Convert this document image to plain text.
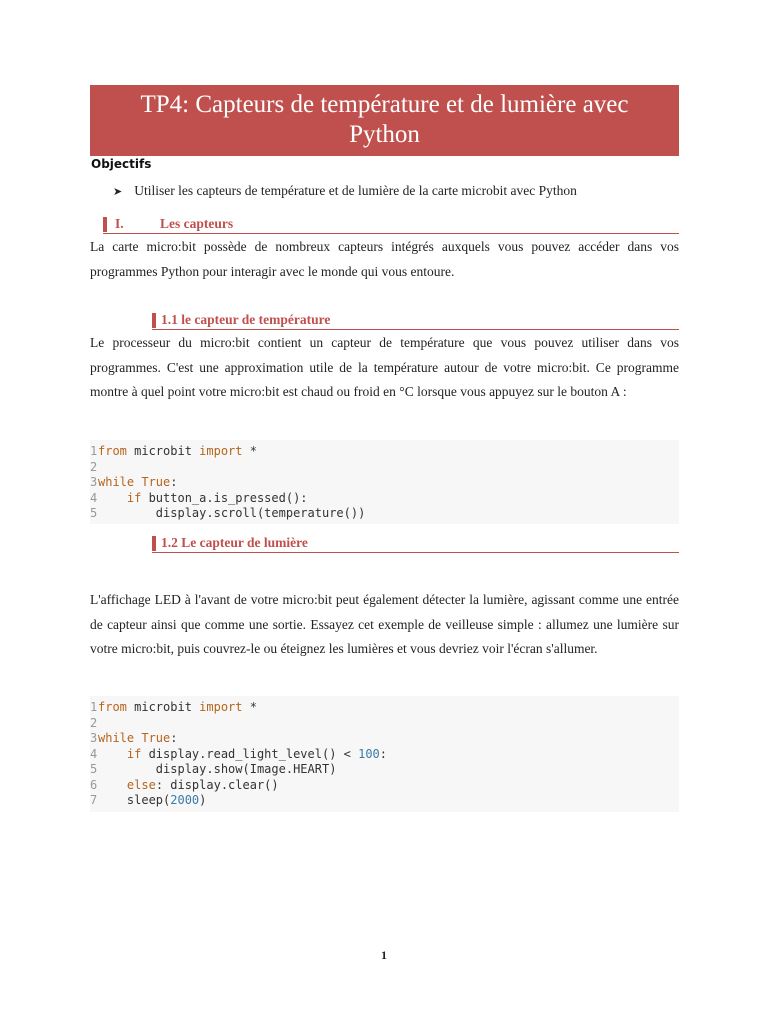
TP4: Capteurs de température et de lumière avec
Python
Objectifs
➤ Utiliser les capteurs de température et de lumière de la carte microbit avec Python
I.	Les capteurs
La carte micro:bit possède de nombreux capteurs intégrés auxquels vous pouvez accéder dans vos programmes Python pour interagir avec le monde qui vous entoure.
1.1 le capteur de température
Le processeur du micro:bit contient un capteur de température que vous pouvez utiliser dans vos programmes. C'est une approximation utile de la température autour de votre micro:bit. Ce programme montre à quel point votre micro:bit est chaud ou froid en °C lorsque vous appuyez sur le bouton A :
1from microbit import *
2
3while True:
4 if button_a.is_pressed():
5        display.scroll(temperature())
1.2 Le capteur de lumière
L'affichage LED à l'avant de votre micro:bit peut également détecter la lumière, agissant comme une entrée de capteur ainsi que comme une sortie. Essayez cet exemple de veilleuse simple : allumez une lumière sur votre micro:bit, puis couvrez-le ou éteignez les lumières et vous devriez voir l'écran s'allumer.
1from microbit import *
2
3while True:
4 if display.read_light_level() < 100:
5        display.show(Image.HEART)
6 else: display.clear()
7    sleep(2000)
1
